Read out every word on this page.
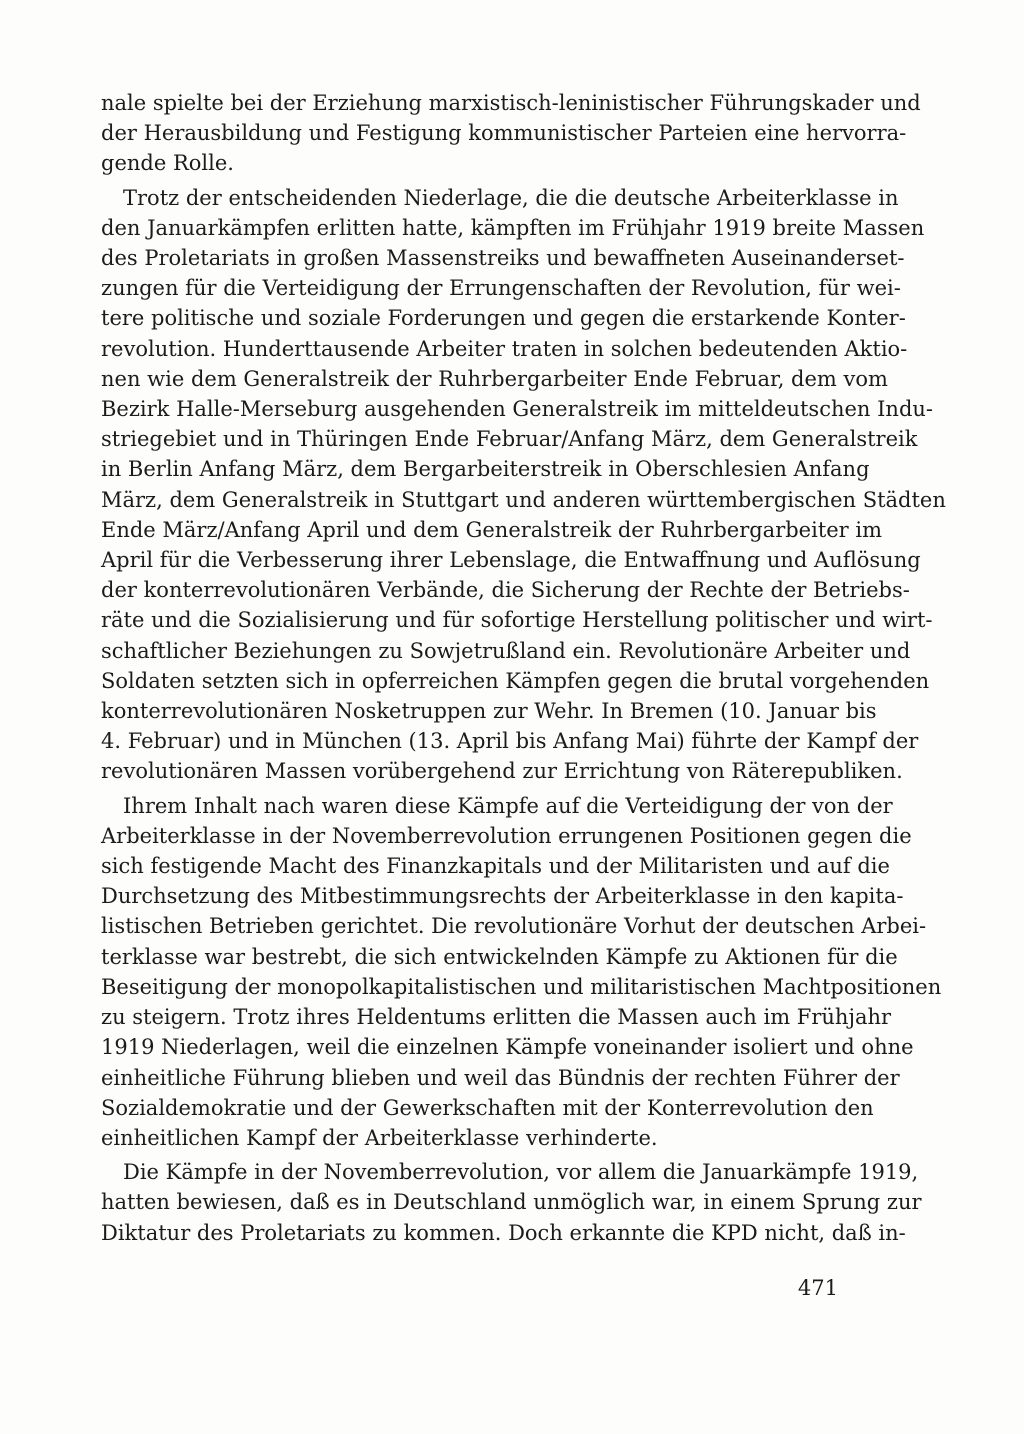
nale spielte bei der Erziehung marxistisch-leninistischer Führungskader und
der Herausbildung und Festigung kommunistischer Parteien eine hervorra-
gende Rolle.
Trotz der entscheidenden Niederlage, die die deutsche Arbeiterklasse in
den Januarkämpfen erlitten hatte, kämpften im Frühjahr 1919 breite Massen
des Proletariats in großen Massenstreiks und bewaffneten Auseinanderset-
zungen für die Verteidigung der Errungenschaften der Revolution, für wei-
tere politische und soziale Forderungen und gegen die erstarkende Konter-
revolution. Hunderttausende Arbeiter traten in solchen bedeutenden Aktio-
nen wie dem Generalstreik der Ruhrbergarbeiter Ende Februar, dem vom
Bezirk Halle-Merseburg ausgehenden Generalstreik im mitteldeutschen Indu-
striegebiet und in Thüringen Ende Februar/Anfang März, dem Generalstreik
in Berlin Anfang März, dem Bergarbeiterstreik in Oberschlesien Anfang
März, dem Generalstreik in Stuttgart und anderen württembergischen Städten
Ende März/Anfang April und dem Generalstreik der Ruhrbergarbeiter im
April für die Verbesserung ihrer Lebenslage, die Entwaffnung und Auflösung
der konterrevolutionären Verbände, die Sicherung der Rechte der Betriebs-
räte und die Sozialisierung und für sofortige Herstellung politischer und wirt-
schaftlicher Beziehungen zu Sowjetrußland ein. Revolutionäre Arbeiter und
Soldaten setzten sich in opferreichen Kämpfen gegen die brutal vorgehenden
konterrevolutionären Nosketruppen zur Wehr. In Bremen (10. Januar bis
4. Februar) und in München (13. April bis Anfang Mai) führte der Kampf der
revolutionären Massen vorübergehend zur Errichtung von Räterepubliken.
Ihrem Inhalt nach waren diese Kämpfe auf die Verteidigung der von der
Arbeiterklasse in der Novemberrevolution errungenen Positionen gegen die
sich festigende Macht des Finanzkapitals und der Militaristen und auf die
Durchsetzung des Mitbestimmungsrechts der Arbeiterklasse in den kapita-
listischen Betrieben gerichtet. Die revolutionäre Vorhut der deutschen Arbei-
terklasse war bestrebt, die sich entwickelnden Kämpfe zu Aktionen für die
Beseitigung der monopolkapitalistischen und militaristischen Machtpositionen
zu steigern. Trotz ihres Heldentums erlitten die Massen auch im Frühjahr
1919 Niederlagen, weil die einzelnen Kämpfe voneinander isoliert und ohne
einheitliche Führung blieben und weil das Bündnis der rechten Führer der
Sozialdemokratie und der Gewerkschaften mit der Konterrevolution den
einheitlichen Kampf der Arbeiterklasse verhinderte.
Die Kämpfe in der Novemberrevolution, vor allem die Januarkämpfe 1919,
hatten bewiesen, daß es in Deutschland unmöglich war, in einem Sprung zur
Diktatur des Proletariats zu kommen. Doch erkannte die KPD nicht, daß in-
471
